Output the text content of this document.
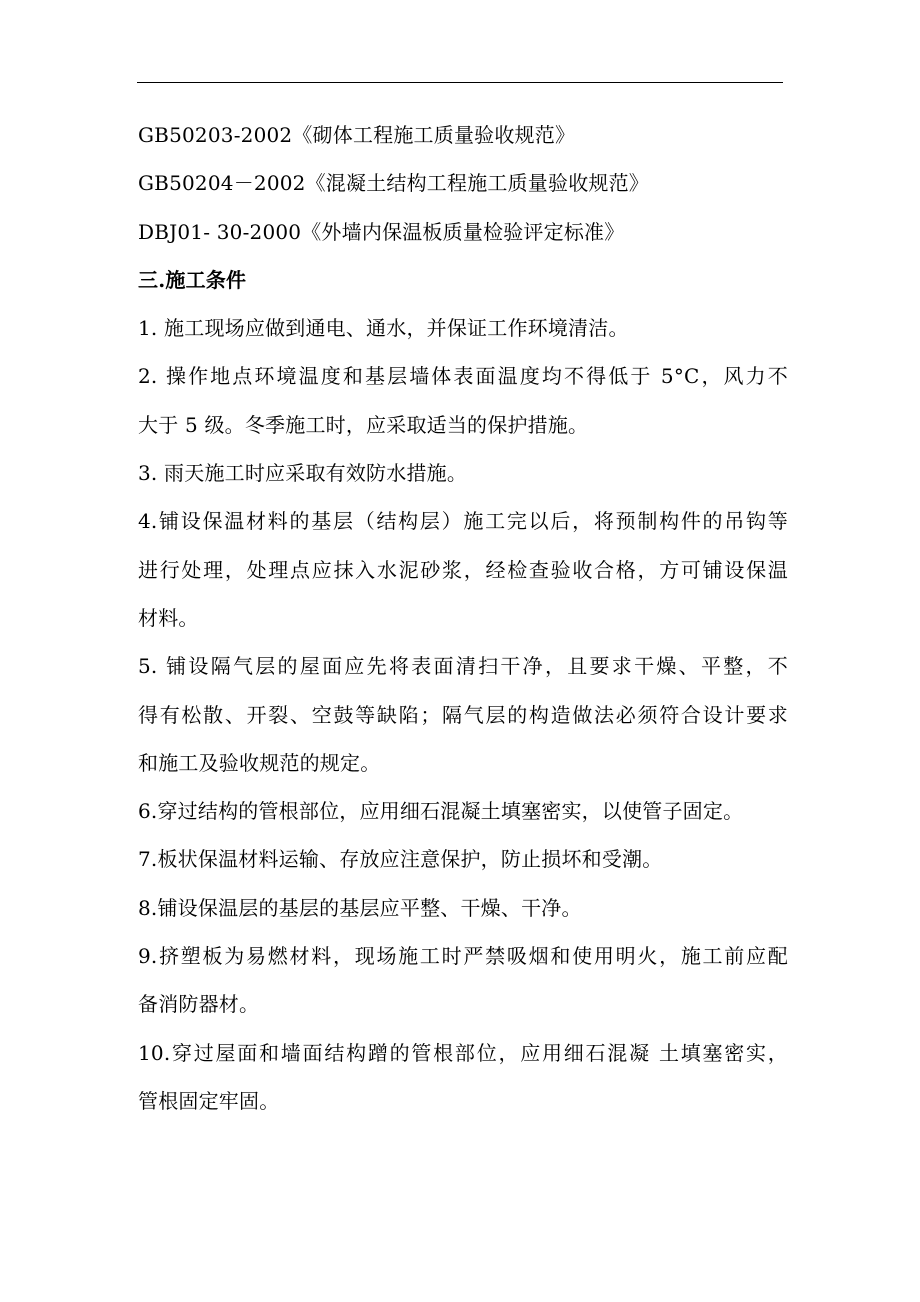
GB50203-2002《砌体工程施工质量验收规范》
GB50204－2002《混凝土结构工程施工质量验收规范》
DBJ01- 30-2000《外墙内保温板质量检验评定标准》
三.施工条件
1. 施工现场应做到通电、通水，并保证工作环境清洁。
2. 操作地点环境温度和基层墙体表面温度均不得低于 5°C，风力不
大于 5 级。冬季施工时，应采取适当的保护措施。
3. 雨天施工时应采取有效防水措施。
4.铺设保温材料的基层（结构层）施工完以后，将预制构件的吊钩等
进行处理，处理点应抹入水泥砂浆，经检查验收合格，方可铺设保温
材料。
5. 铺设隔气层的屋面应先将表面清扫干净，且要求干燥、平整，不
得有松散、开裂、空鼓等缺陷；隔气层的构造做法必须符合设计要求
和施工及验收规范的规定。
6.穿过结构的管根部位，应用细石混凝土填塞密实，以使管子固定。
7.板状保温材料运输、存放应注意保护，防止损坏和受潮。
8.铺设保温层的基层的基层应平整、干燥、干净。
9.挤塑板为易燃材料，现场施工时严禁吸烟和使用明火，施工前应配
备消防器材。
10.穿过屋面和墙面结构蹭的管根部位，应用细石混凝 土填塞密实，
管根固定牢固。
